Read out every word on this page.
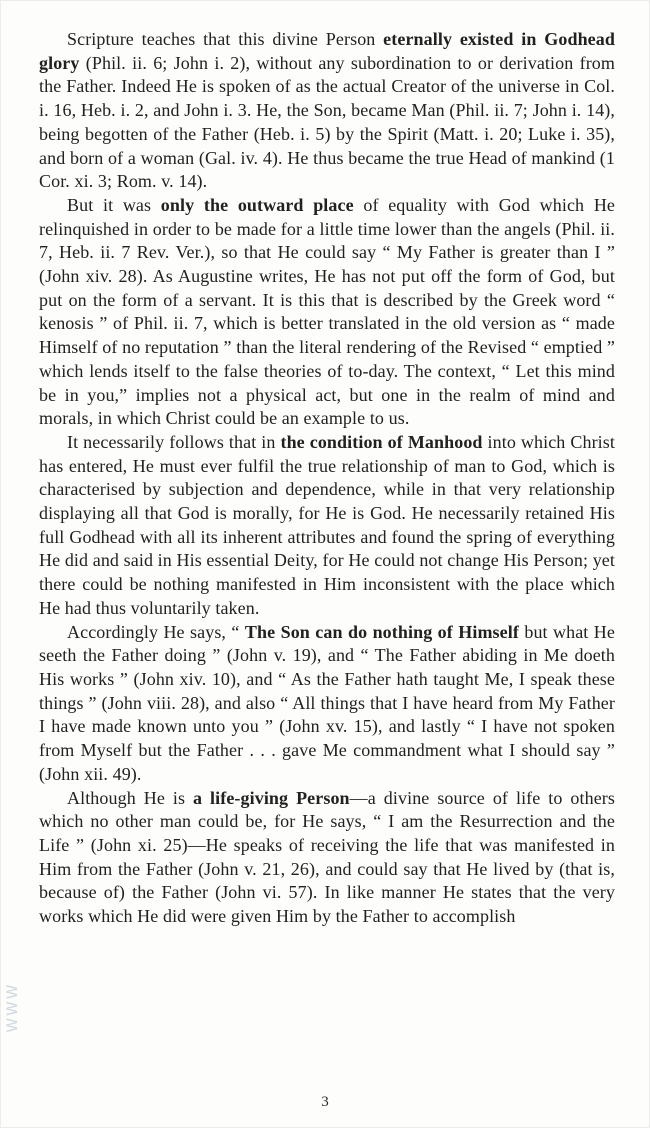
www

Scripture teaches that this divine Person eternally existed in Godhead glory (Phil. ii. 6; John i. 2), without any subordination to or derivation from the Father. Indeed He is spoken of as the actual Creator of the universe in Col. i. 16, Heb. i. 2, and John i. 3. He, the Son, became Man (Phil. ii. 7; John i. 14), being begotten of the Father (Heb. i. 5) by the Spirit (Matt. i. 20; Luke i. 35), and born of a woman (Gal. iv. 4). He thus became the true Head of mankind (1 Cor. xi. 3; Rom. v. 14).

But it was only the outward place of equality with God which He relinquished in order to be made for a little time lower than the angels (Phil. ii. 7, Heb. ii. 7 Rev. Ver.), so that He could say “ My Father is greater than I ” (John xiv. 28). As Augustine writes, He has not put off the form of God, but put on the form of a servant. It is this that is described by the Greek word “ kenosis ” of Phil. ii. 7, which is better translated in the old version as “ made Himself of no reputation ” than the literal rendering of the Revised “ emptied ” which lends itself to the false theories of to-day. The context, “ Let this mind be in you,” implies not a physical act, but one in the realm of mind and morals, in which Christ could be an example to us.

It necessarily follows that in the condition of Manhood into which Christ has entered, He must ever fulfil the true relationship of man to God, which is characterised by subjection and dependence, while in that very relationship displaying all that God is morally, for He is God. He necessarily retained His full Godhead with all its inherent attributes and found the spring of everything He did and said in His essential Deity, for He could not change His Person; yet there could be nothing manifested in Him inconsistent with the place which He had thus voluntarily taken.

Accordingly He says, “ The Son can do nothing of Himself but what He seeth the Father doing ” (John v. 19), and “ The Father abiding in Me doeth His works ” (John xiv. 10), and “ As the Father hath taught Me, I speak these things ” (John viii. 28), and also “ All things that I have heard from My Father I have made known unto you ” (John xv. 15), and lastly “ I have not spoken from Myself but the Father . . . gave Me commandment what I should say ” (John xii. 49).

Although He is a life-giving Person—a divine source of life to others which no other man could be, for He says, “ I am the Resurrection and the Life ” (John xi. 25)—He speaks of receiving the life that was manifested in Him from the Father (John v. 21, 26), and could say that He lived by (that is, because of) the Father (John vi. 57). In like manner He states that the very works which He did were given Him by the Father to accomplish

3
